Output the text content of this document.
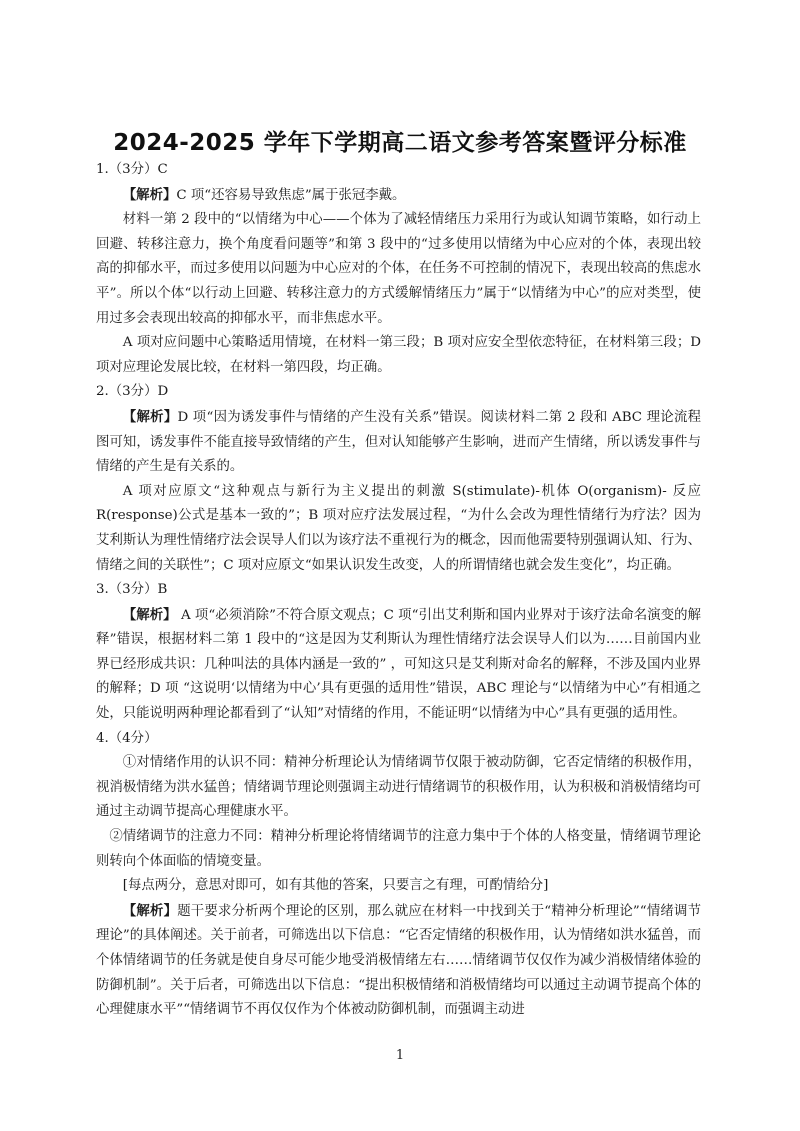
2024-2025 学年下学期高二语文参考答案暨评分标准

1.（3分）C

【解析】C 项“还容易导致焦虑”属于张冠李戴。

材料一第 2 段中的“以情绪为中心——个体为了减轻情绪压力采用行为或认知调节策略，如行动上回避、转移注意力，换个角度看问题等”和第 3 段中的“过多使用以情绪为中心应对的个体，表现出较高的抑郁水平，而过多使用以问题为中心应对的个体，在任务不可控制的情况下，表现出较高的焦虑水平”。所以个体“以行动上回避、转移注意力的方式缓解情绪压力”属于“以情绪为中心”的应对类型，使用过多会表现出较高的抑郁水平，而非焦虑水平。

A 项对应问题中心策略适用情境，在材料一第三段；B 项对应安全型依恋特征，在材料第三段；D 项对应理论发展比较，在材料一第四段，均正确。

2.（3分）D

【解析】D 项“因为诱发事件与情绪的产生没有关系”错误。阅读材料二第 2 段和 ABC 理论流程图可知，诱发事件不能直接导致情绪的产生，但对认知能够产生影响，进而产生情绪，所以诱发事件与情绪的产生是有关系的。

A 项对应原文“这种观点与新行为主义提出的刺激 S(stimulate)-机体 O(organism)- 反应 R(response)公式是基本一致的”；B 项对应疗法发展过程，“为什么会改为理性情绪行为疗法？因为艾利斯认为理性情绪疗法会误导人们以为该疗法不重视行为的概念，因而他需要特别强调认知、行为、情绪之间的关联性”；C 项对应原文“如果认识发生改变，人的所谓情绪也就会发生变化”，均正确。

3.（3分）B

【解析】 A 项“必须消除”不符合原文观点；C 项“引出艾利斯和国内业界对于该疗法命名演变的解释”错误，根据材料二第 1 段中的“这是因为艾利斯认为理性情绪疗法会误导人们以为……目前国内业界已经形成共识：几种叫法的具体内涵是一致的” ，可知这只是艾利斯对命名的解释，不涉及国内业界的解释；D 项 “这说明‘以情绪为中心’具有更强的适用性”错误，ABC 理论与“以情绪为中心”有相通之处，只能说明两种理论都看到了“认知”对情绪的作用，不能证明“以情绪为中心”具有更强的适用性。

4.（4分）

①对情绪作用的认识不同：精神分析理论认为情绪调节仅限于被动防御，它否定情绪的积极作用，视消极情绪为洪水猛兽；情绪调节理论则强调主动进行情绪调节的积极作用，认为积极和消极情绪均可通过主动调节提高心理健康水平。

②情绪调节的注意力不同：精神分析理论将情绪调节的注意力集中于个体的人格变量，情绪调节理论则转向个体面临的情境变量。

[每点两分，意思对即可，如有其他的答案，只要言之有理，可酌情给分]

【解析】题干要求分析两个理论的区别，那么就应在材料一中找到关于“精神分析理论”“情绪调节理论”的具体阐述。关于前者，可筛选出以下信息：“它否定情绪的积极作用，认为情绪如洪水猛兽，而个体情绪调节的任务就是使自身尽可能少地受消极情绪左右……情绪调节仅仅作为减少消极情绪体验的防御机制”。关于后者，可筛选出以下信息：“提出积极情绪和消极情绪均可以通过主动调节提高个体的心理健康水平”“情绪调节不再仅仅作为个体被动防御机制，而强调主动进

1
